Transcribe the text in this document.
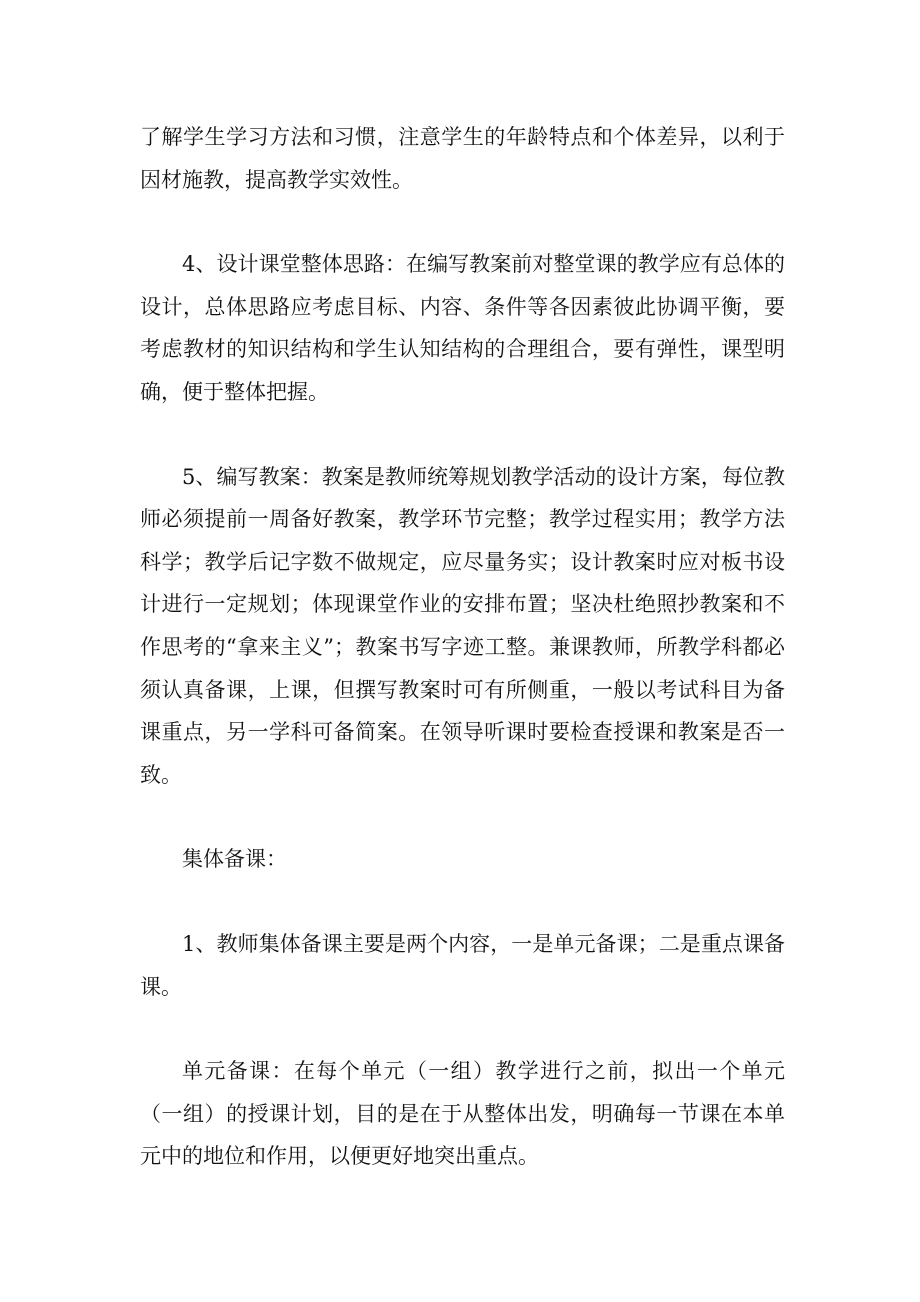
了解学生学习方法和习惯，注意学生的年龄特点和个体差异，以利于因材施教，提高教学实效性。

4、设计课堂整体思路：在编写教案前对整堂课的教学应有总体的设计，总体思路应考虑目标、内容、条件等各因素彼此协调平衡，要考虑教材的知识结构和学生认知结构的合理组合，要有弹性，课型明确，便于整体把握。

5、编写教案：教案是教师统筹规划教学活动的设计方案，每位教师必须提前一周备好教案，教学环节完整；教学过程实用；教学方法科学；教学后记字数不做规定，应尽量务实；设计教案时应对板书设计进行一定规划；体现课堂作业的安排布置；坚决杜绝照抄教案和不作思考的“拿来主义”；教案书写字迹工整。兼课教师，所教学科都必须认真备课，上课，但撰写教案时可有所侧重，一般以考试科目为备课重点，另一学科可备简案。在领导听课时要检查授课和教案是否一致。

集体备课：

1、教师集体备课主要是两个内容，一是单元备课；二是重点课备课。

单元备课：在每个单元（一组）教学进行之前，拟出一个单元（一组）的授课计划，目的是在于从整体出发，明确每一节课在本单元中的地位和作用，以便更好地突出重点。
